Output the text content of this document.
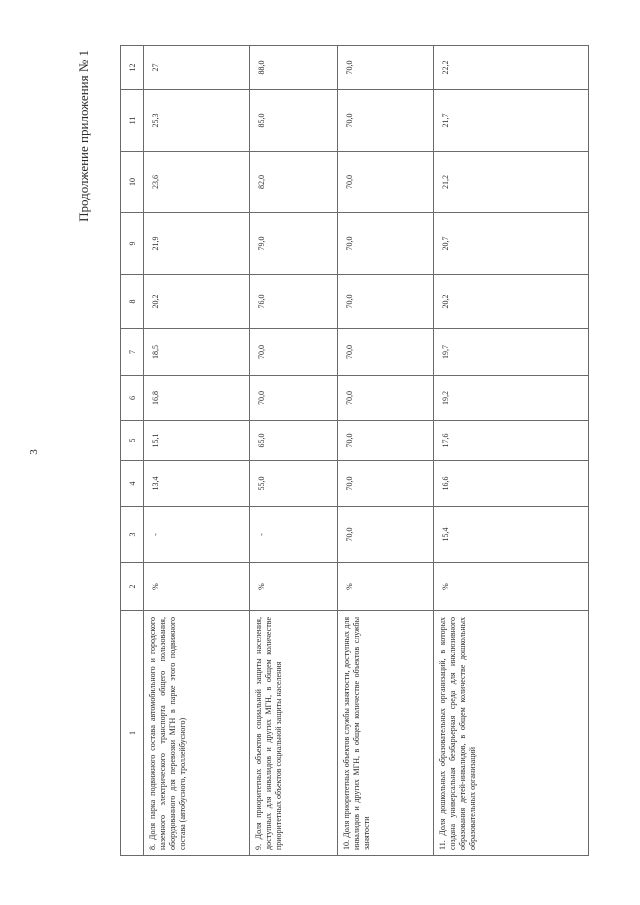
3
Продолжение приложения № 1
1	2	3	4	5	6	7	8	9	10	11	12
8. Доля парка подвижного состава автомобильного и городского наземного электрического транспорта общего пользования, оборудованного для перевозки МГН в парке этого подвижного состава (автобусного, троллейбусного)	%	-	13,4	15,1	16,8	18,5	20,2	21,9	23,6	25,3	27
9. Доля приоритетных объектов социальной защиты населения, доступных для инвалидов и других МГН, в общем количестве приоритетных объектов социальной защиты населения	%	-	55,0	65,0	70,0	70,0	76,0	79,0	82,0	85,0	88,0
10. Доля приоритетных объектов службы занятости, доступных для инвалидов и других МГН, в общем количестве объектов службы занятости	%	70,0	70,0	70,0	70,0	70,0	70,0	70,0	70,0	70,0	70,0
11. Доля дошкольных образовательных организаций, в которых создана универсальная безбарьерная среда для инклюзивного образования детей-инвалидов, в общем количестве дошкольных образовательных организаций	%	15,4	16,6	17,6	19,2	19,7	20,2	20,7	21,2	21,7	22,2
